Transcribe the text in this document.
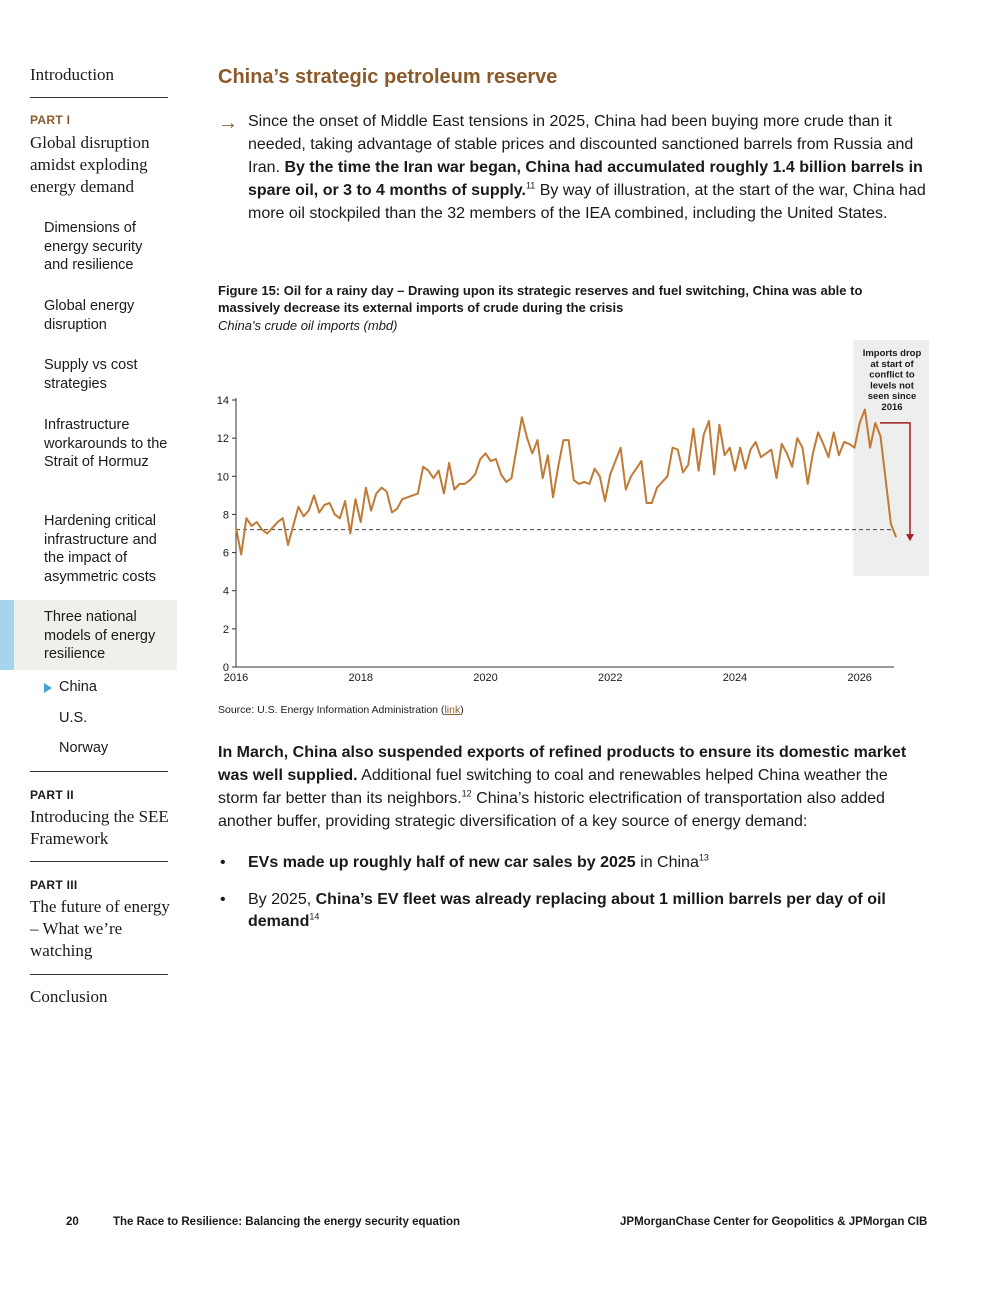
Introduction
PART I
Global disruption amidst exploding energy demand
Dimensions of energy security and resilience
Global energy disruption
Supply vs cost strategies
Infrastructure workarounds to the Strait of Hormuz
Hardening critical infrastructure and the impact of asymmetric costs
Three national models of energy resilience
China
U.S.
Norway
PART II
Introducing the SEE Framework
PART III
The future of energy – What we’re watching
Conclusion
China’s strategic petroleum reserve
→ Since the onset of Middle East tensions in 2025, China had been buying more crude than it needed, taking advantage of stable prices and discounted sanctioned barrels from Russia and Iran. By the time the Iran war began, China had accumulated roughly 1.4 billion barrels in spare oil, or 3 to 4 months of supply.$^{11}$ By way of illustration, at the start of the war, China had more oil stockpiled than the 32 members of the IEA combined, including the United States.
Figure 15: Oil for a rainy day – Drawing upon its strategic reserves and fuel switching, China was able to massively decrease its external imports of crude during the crisis
China's crude oil imports (mbd)
Imports drop at start of conflict to levels not seen since 2016
0
2
4
6
8
10
12
14
2016	2018	2020	2022	2024	2026
Source: U.S. Energy Information Administration (link)
In March, China also suspended exports of refined products to ensure its domestic market was well supplied. Additional fuel switching to coal and renewables helped China weather the storm far better than its neighbors.$^{12}$ China’s historic electrification of transportation also added another buffer, providing strategic diversification of a key source of energy demand:
• EVs made up roughly half of new car sales by 2025 in China$^{13}$
• By 2025, China’s EV fleet was already replacing about 1 million barrels per day of oil demand$^{14}$
20	The Race to Resilience: Balancing the energy security equation	JPMorganChase Center for Geopolitics & JPMorgan CIB
